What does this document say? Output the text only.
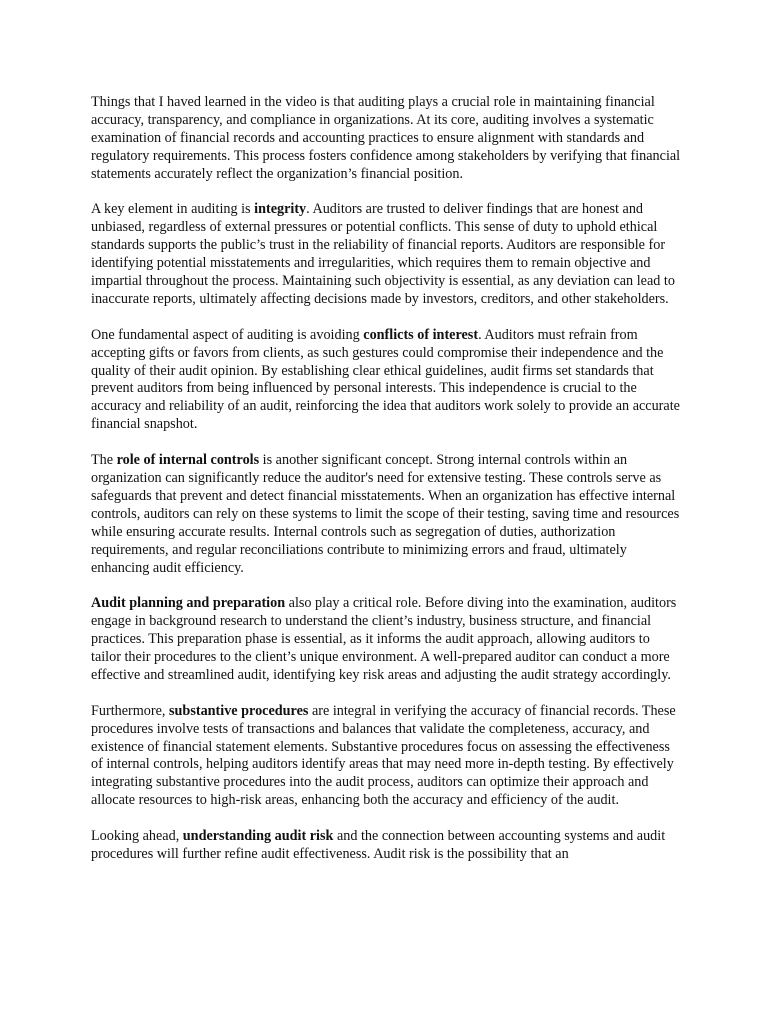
Things that I haved learned in the video is that auditing plays a crucial role in maintaining financial accuracy, transparency, and compliance in organizations. At its core, auditing involves a systematic examination of financial records and accounting practices to ensure alignment with standards and regulatory requirements. This process fosters confidence among stakeholders by verifying that financial statements accurately reflect the organization’s financial position.

A key element in auditing is integrity. Auditors are trusted to deliver findings that are honest and unbiased, regardless of external pressures or potential conflicts. This sense of duty to uphold ethical standards supports the public’s trust in the reliability of financial reports. Auditors are responsible for identifying potential misstatements and irregularities, which requires them to remain objective and impartial throughout the process. Maintaining such objectivity is essential, as any deviation can lead to inaccurate reports, ultimately affecting decisions made by investors, creditors, and other stakeholders.

One fundamental aspect of auditing is avoiding conflicts of interest. Auditors must refrain from accepting gifts or favors from clients, as such gestures could compromise their independence and the quality of their audit opinion. By establishing clear ethical guidelines, audit firms set standards that prevent auditors from being influenced by personal interests. This independence is crucial to the accuracy and reliability of an audit, reinforcing the idea that auditors work solely to provide an accurate financial snapshot.

The role of internal controls is another significant concept. Strong internal controls within an organization can significantly reduce the auditor's need for extensive testing. These controls serve as safeguards that prevent and detect financial misstatements. When an organization has effective internal controls, auditors can rely on these systems to limit the scope of their testing, saving time and resources while ensuring accurate results. Internal controls such as segregation of duties, authorization requirements, and regular reconciliations contribute to minimizing errors and fraud, ultimately enhancing audit efficiency.

Audit planning and preparation also play a critical role. Before diving into the examination, auditors engage in background research to understand the client’s industry, business structure, and financial practices. This preparation phase is essential, as it informs the audit approach, allowing auditors to tailor their procedures to the client’s unique environment. A well-prepared auditor can conduct a more effective and streamlined audit, identifying key risk areas and adjusting the audit strategy accordingly.

Furthermore, substantive procedures are integral in verifying the accuracy of financial records. These procedures involve tests of transactions and balances that validate the completeness, accuracy, and existence of financial statement elements. Substantive procedures focus on assessing the effectiveness of internal controls, helping auditors identify areas that may need more in-depth testing. By effectively integrating substantive procedures into the audit process, auditors can optimize their approach and allocate resources to high-risk areas, enhancing both the accuracy and efficiency of the audit.

Looking ahead, understanding audit risk and the connection between accounting systems and audit procedures will further refine audit effectiveness. Audit risk is the possibility that an
